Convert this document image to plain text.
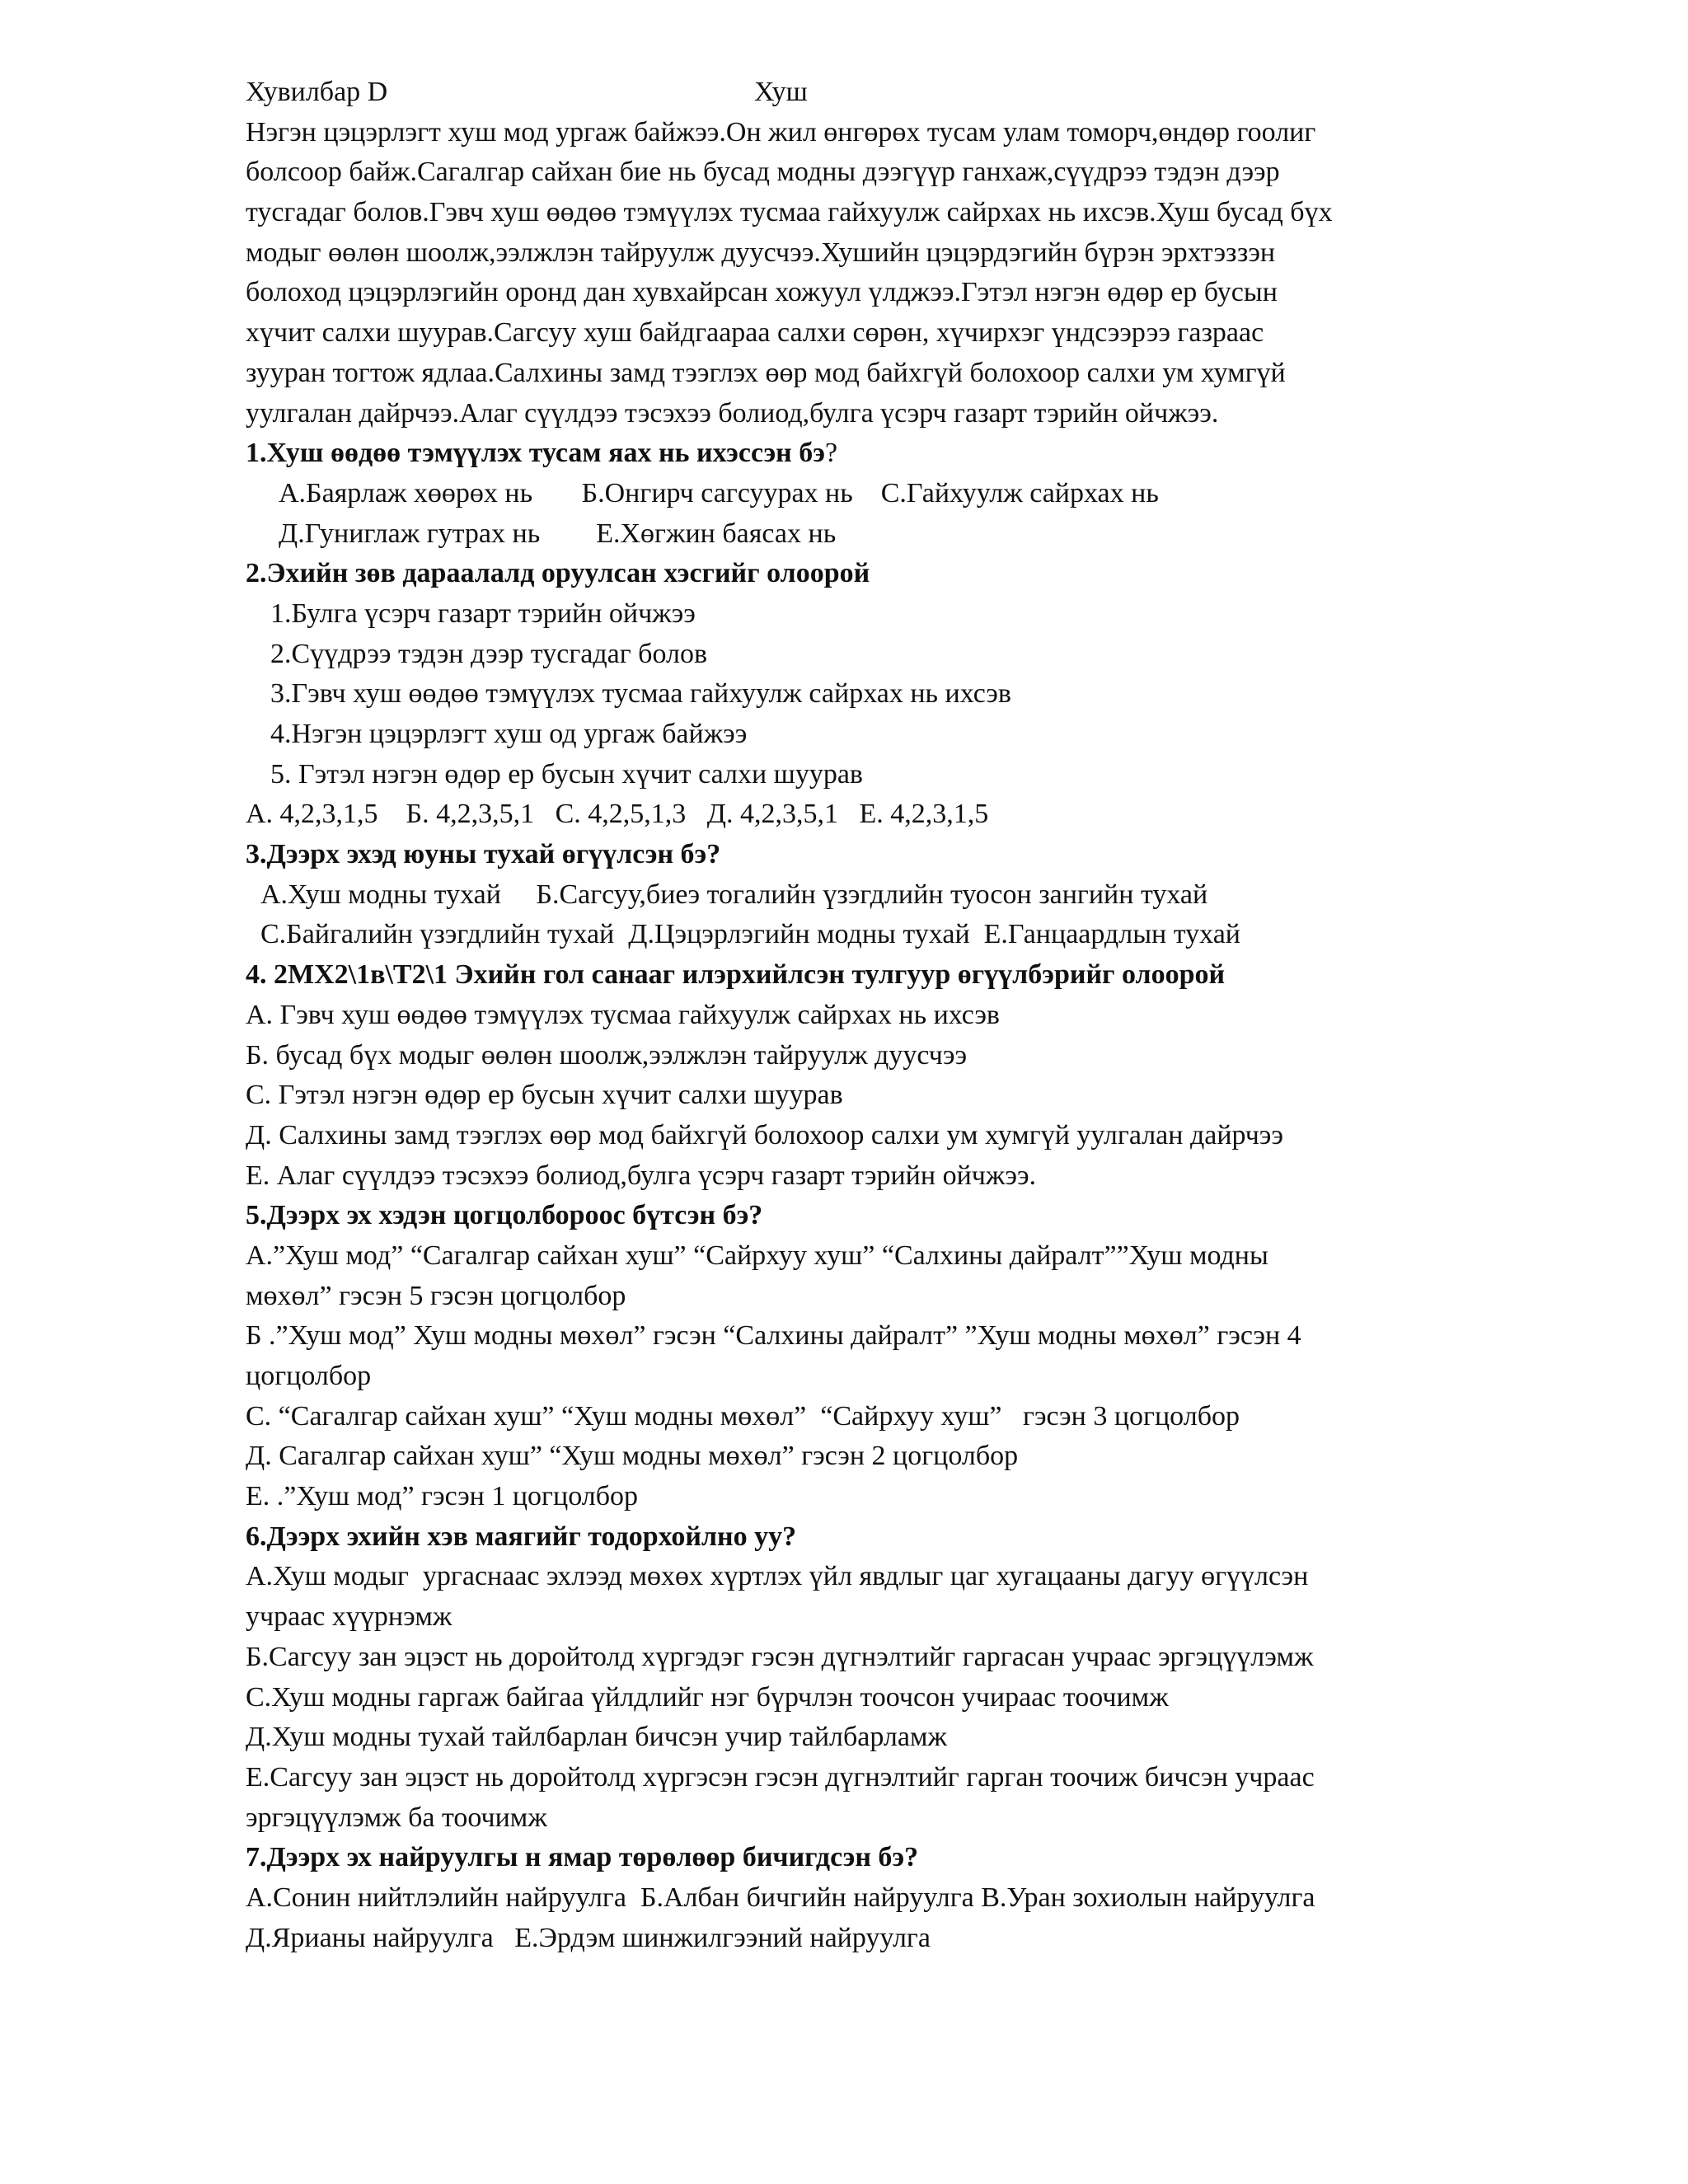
Хувилбар D	Хуш
Нэгэн цэцэрлэгт хуш мод ургаж байжээ.Он жил өнгөрөх тусам улам томорч,өндөр гоолиг
болсоор байж.Сагалгар сайхан бие нь бусад модны дээгүүр ганхаж,сүүдрээ тэдэн дээр
тусгадаг болов.Гэвч хуш өөдөө тэмүүлэх тусмаа гайхуулж сайрхах нь ихсэв.Хуш бусад бүх
модыг өөлөн шоолж,ээлжлэн тайруулж дуусчээ.Хушийн цэцэрдэгийн бүрэн эрхтэззэн
болоход цэцэрлэгийн оронд дан хувхайрсан хожуул үлджээ.Гэтэл нэгэн өдөр ер бусын
хүчит салхи шуурав.Сагсуу хуш байдгаараа салхи сөрөн, хүчирхэг үндсээрээ газраас
зууран тогтож ядлаа.Салхины замд тээглэх өөр мод байхгүй болохоор салхи ум хумгүй
уулгалан дайрчээ.Алаг сүүлдээ тэсэхээ болиод,булга үсэрч газарт тэрийн ойчжээ.
1.Хуш өөдөө тэмүүлэх тусам яах нь ихэссэн бэ?
А.Баярлаж хөөрөх нь       Б.Онгирч сагсуурах нь    С.Гайхуулж сайрхах нь
Д.Гуниглаж гутрах нь        Е.Хөгжин баясах нь
2.Эхийн зөв дараалалд оруулсан хэсгийг олоорой
1.Булга үсэрч газарт тэрийн ойчжээ
2.Сүүдрээ тэдэн дээр тусгадаг болов
3.Гэвч хуш өөдөө тэмүүлэх тусмаа гайхуулж сайрхах нь ихсэв
4.Нэгэн цэцэрлэгт хуш од ургаж байжээ
5. Гэтэл нэгэн өдөр ер бусын хүчит салхи шуурав
А. 4,2,3,1,5    Б. 4,2,3,5,1   С. 4,2,5,1,3   Д. 4,2,3,5,1   Е. 4,2,3,1,5
3.Дээрх эхэд юуны тухай өгүүлсэн бэ?
А.Хуш модны тухай     Б.Сагсуу,биеэ тогалийн үзэгдлийн туосон зангийн тухай
С.Байгалийн үзэгдлийн тухай  Д.Цэцэрлэгийн модны тухай  Е.Ганцаардлын тухай
4. 2МХ2\1в\Т2\1 Эхийн гол санааг илэрхийлсэн тулгуур өгүүлбэрийг олоорой
А. Гэвч хуш өөдөө тэмүүлэх тусмаа гайхуулж сайрхах нь ихсэв
Б. бусад бүх модыг өөлөн шоолж,ээлжлэн тайруулж дуусчээ
С. Гэтэл нэгэн өдөр ер бусын хүчит салхи шуурав
Д. Салхины замд тээглэх өөр мод байхгүй болохоор салхи ум хумгүй уулгалан дайрчээ
Е. Алаг сүүлдээ тэсэхээ болиод,булга үсэрч газарт тэрийн ойчжээ.
5.Дээрх эх хэдэн цогцолбороос бүтсэн бэ?
А.”Хуш мод” “Сагалгар сайхан хуш” “Сайрхуу хуш” “Салхины дайралт””Хуш модны
мөхөл” гэсэн 5 гэсэн цогцолбор
Б .”Хуш мод” Хуш модны мөхөл” гэсэн “Салхины дайралт” ”Хуш модны мөхөл” гэсэн 4
цогцолбор
С. “Сагалгар сайхан хуш” “Хуш модны мөхөл”  “Сайрхуу хуш”   гэсэн 3 цогцолбор
Д. Сагалгар сайхан хуш” “Хуш модны мөхөл” гэсэн 2 цогцолбор
Е. .”Хуш мод” гэсэн 1 цогцолбор
6.Дээрх эхийн хэв маягийг тодорхойлно уу?
А.Хуш модыг  ургаснаас эхлээд мөхөх хүртлэх үйл явдлыг цаг хугацааны дагуу өгүүлсэн
учраас хүүрнэмж
Б.Сагсуу зан эцэст нь доройтолд хүргэдэг гэсэн дүгнэлтийг гаргасан учраас эргэцүүлэмж
С.Хуш модны гаргаж байгаа үйлдлийг нэг бүрчлэн тоочсон учираас тоочимж
Д.Хуш модны тухай тайлбарлан бичсэн учир тайлбарламж
Е.Сагсуу зан эцэст нь доройтолд хүргэсэн гэсэн дүгнэлтийг гарган тоочиж бичсэн учраас
эргэцүүлэмж ба тоочимж
7.Дээрх эх найруулгы н ямар төрөлөөр бичигдсэн бэ?
А.Сонин нийтлэлийн найруулга  Б.Албан бичгийн найруулга В.Уран зохиолын найруулга
Д.Ярианы найруулга   Е.Эрдэм шинжилгээний найруулга
